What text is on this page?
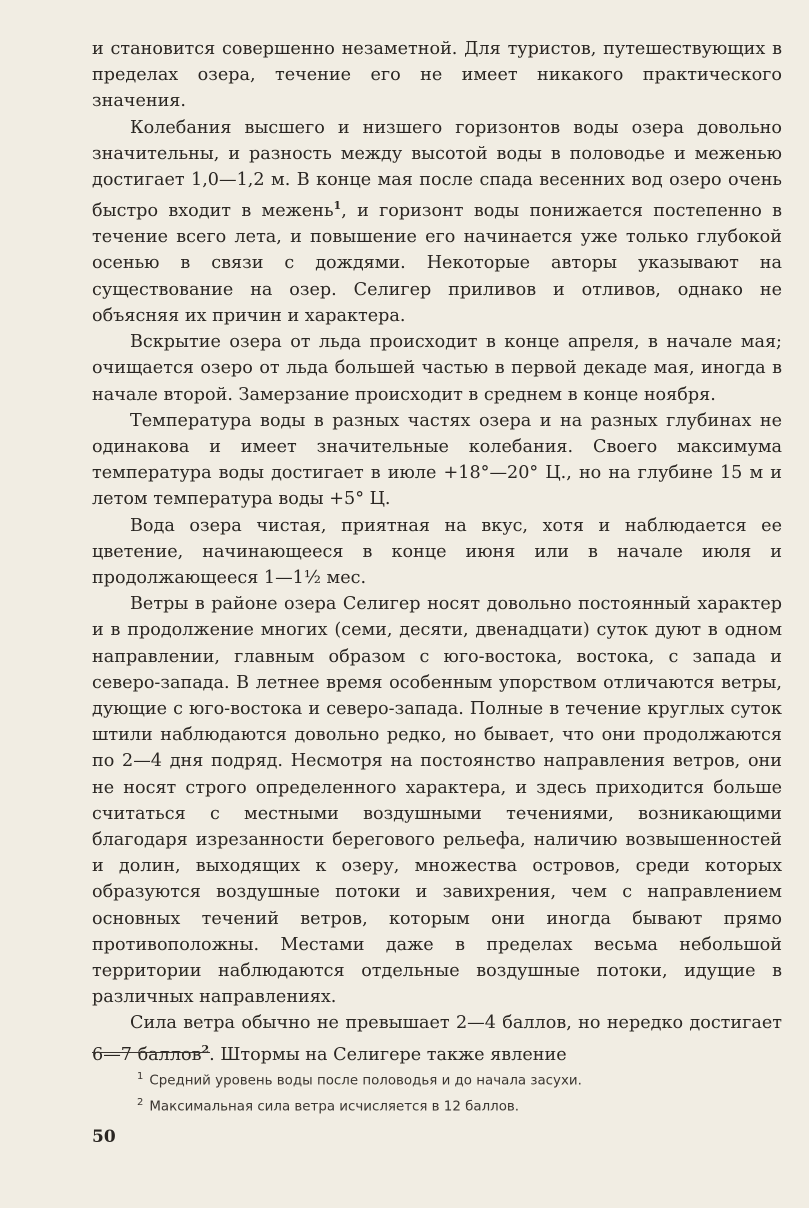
и становится совершенно незаметной. Для туристов, путешествующих в пределах озера, течение его не имеет никакого практического значения.

Колебания высшего и низшего горизонтов воды озера довольно значительны, и разность между высотой воды в половодье и меженью достигает 1,0—1,2 м. В конце мая после спада весенних вод озеро очень быстро входит в межень$^1$, и горизонт воды понижается постепенно в течение всего лета, и повышение его начинается уже только глубокой осенью в связи с дождями. Некоторые авторы указывают на существование на озер. Селигер приливов и отливов, однако не объясняя их причин и характера.

Вскрытие озера от льда происходит в конце апреля, в начале мая; очищается озеро от льда большей частью в первой декаде мая, иногда в начале второй. Замерзание происходит в среднем в конце ноября.

Температура воды в разных частях озера и на разных глубинах не одинакова и имеет значительные колебания. Своего максимума температура воды достигает в июле +18°—20° Ц., но на глубине 15 м и летом температура воды +5° Ц.

Вода озера чистая, приятная на вкус, хотя и наблюдается ее цветение, начинающееся в конце июня или в начале июля и продолжающееся 1—1½ мес.

Ветры в районе озера Селигер носят довольно постоянный характер и в продолжение многих (семи, десяти, двенадцати) суток дуют в одном направлении, главным образом с юго-востока, востока, с запада и северо-запада. В летнее время особенным упорством отличаются ветры, дующие с юго-востока и северо-запада. Полные в течение круглых суток штили наблюдаются довольно редко, но бывает, что они продолжаются по 2—4 дня подряд. Несмотря на постоянство направления ветров, они не носят строго определенного характера, и здесь приходится больше считаться с местными воздушными течениями, возникающими благодаря изрезанности берегового рельефа, наличию возвышенностей и долин, выходящих к озеру, множества островов, среди которых образуются воздушные потоки и завихрения, чем с направлением основных течений ветров, которым они иногда бывают прямо противоположны. Местами даже в пределах весьма небольшой территории наблюдаются отдельные воздушные потоки, идущие в различных направлениях.

Сила ветра обычно не превышает 2—4 баллов, но нередко достигает 6—7 баллов$^2$. Штормы на Селигере также явление

$^1$ Средний уровень воды после половодья и до начала засухи.

$^2$ Максимальная сила ветра исчисляется в 12 баллов.

50
